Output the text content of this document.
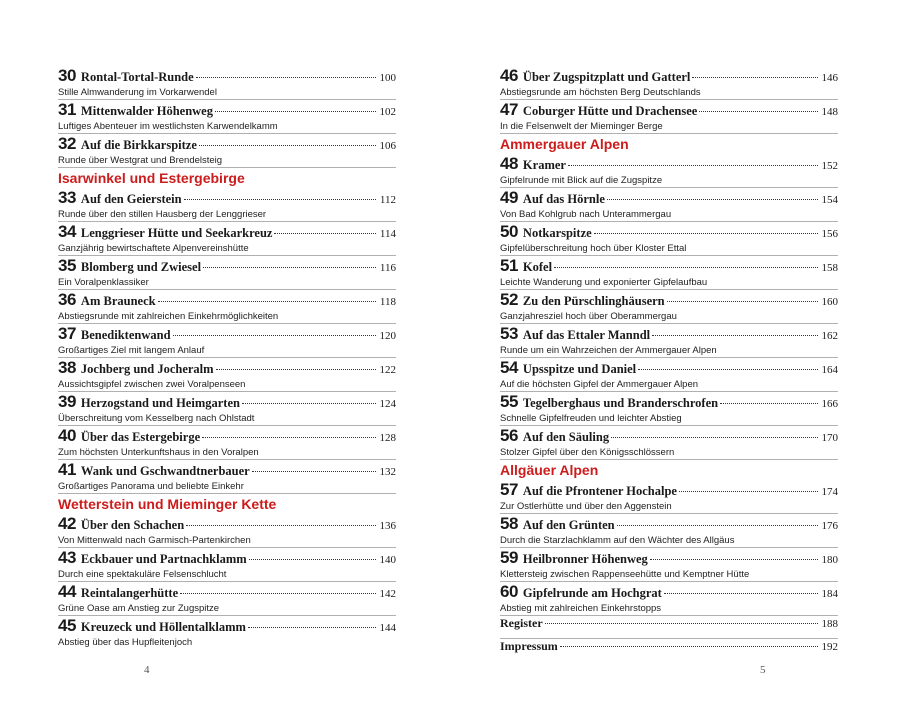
30 Rontal-Tortal-Runde	100
Stille Almwanderung im Vorkarwendel
31 Mittenwalder Höhenweg	102
Luftiges Abenteuer im westlichsten Karwendelkamm
32 Auf die Birkkarspitze	106
Runde über Westgrat und Brendelsteig
Isarwinkel und Estergebirge
33 Auf den Geierstein	112
Runde über den stillen Hausberg der Lenggrieser
34 Lenggrieser Hütte und Seekarkreuz	114
Ganzjährig bewirtschaftete Alpenvereinshütte
35 Blomberg und Zwiesel	116
Ein Voralpenklassiker
36 Am Brauneck	118
Abstiegsrunde mit zahlreichen Einkehrmöglichkeiten
37 Benediktenwand	120
Großartiges Ziel mit langem Anlauf
38 Jochberg und Jocheralm	122
Aussichtsgipfel zwischen zwei Voralpenseen
39 Herzogstand und Heimgarten	124
Überschreitung vom Kesselberg nach Ohlstadt
40 Über das Estergebirge	128
Zum höchsten Unterkunftshaus in den Voralpen
41 Wank und Gschwandtnerbauer	132
Großartiges Panorama und beliebte Einkehr
Wetterstein und Mieminger Kette
42 Über den Schachen	136
Von Mittenwald nach Garmisch-Partenkirchen
43 Eckbauer und Partnachklamm	140
Durch eine spektakuläre Felsenschlucht
44 Reintalangerhütte	142
Grüne Oase am Anstieg zur Zugspitze
45 Kreuzeck und Höllentalklamm	144
Abstieg über das Hupfleitenjoch
4
46 Über Zugspitzplatt und Gatterl	146
Abstiegsrunde am höchsten Berg Deutschlands
47 Coburger Hütte und Drachensee	148
In die Felsenwelt der Mieminger Berge
Ammergauer Alpen
48 Kramer	152
Gipfelrunde mit Blick auf die Zugspitze
49 Auf das Hörnle	154
Von Bad Kohlgrub nach Unterammergau
50 Notkarspitze	156
Gipfelüberschreitung hoch über Kloster Ettal
51 Kofel	158
Leichte Wanderung und exponierter Gipfelaufbau
52 Zu den Pürschlinghäusern	160
Ganzjahresziel hoch über Oberammergau
53 Auf das Ettaler Manndl	162
Runde um ein Wahrzeichen der Ammergauer Alpen
54 Upsspitze und Daniel	164
Auf die höchsten Gipfel der Ammergauer Alpen
55 Tegelberghaus und Branderschrofen	166
Schnelle Gipfelfreuden und leichter Abstieg
56 Auf den Säuling	170
Stolzer Gipfel über den Königsschlössern
Allgäuer Alpen
57 Auf die Pfrontener Hochalpe	174
Zur Ostlerhütte und über den Aggenstein
58 Auf den Grünten	176
Durch die Starzlachklamm auf den Wächter des Allgäus
59 Heilbronner Höhenweg	180
Klettersteig zwischen Rappenseehütte und Kemptner Hütte
60 Gipfelrunde am Hochgrat	184
Abstieg mit zahlreichen Einkehrstopps
Register	188
Impressum	192
5
